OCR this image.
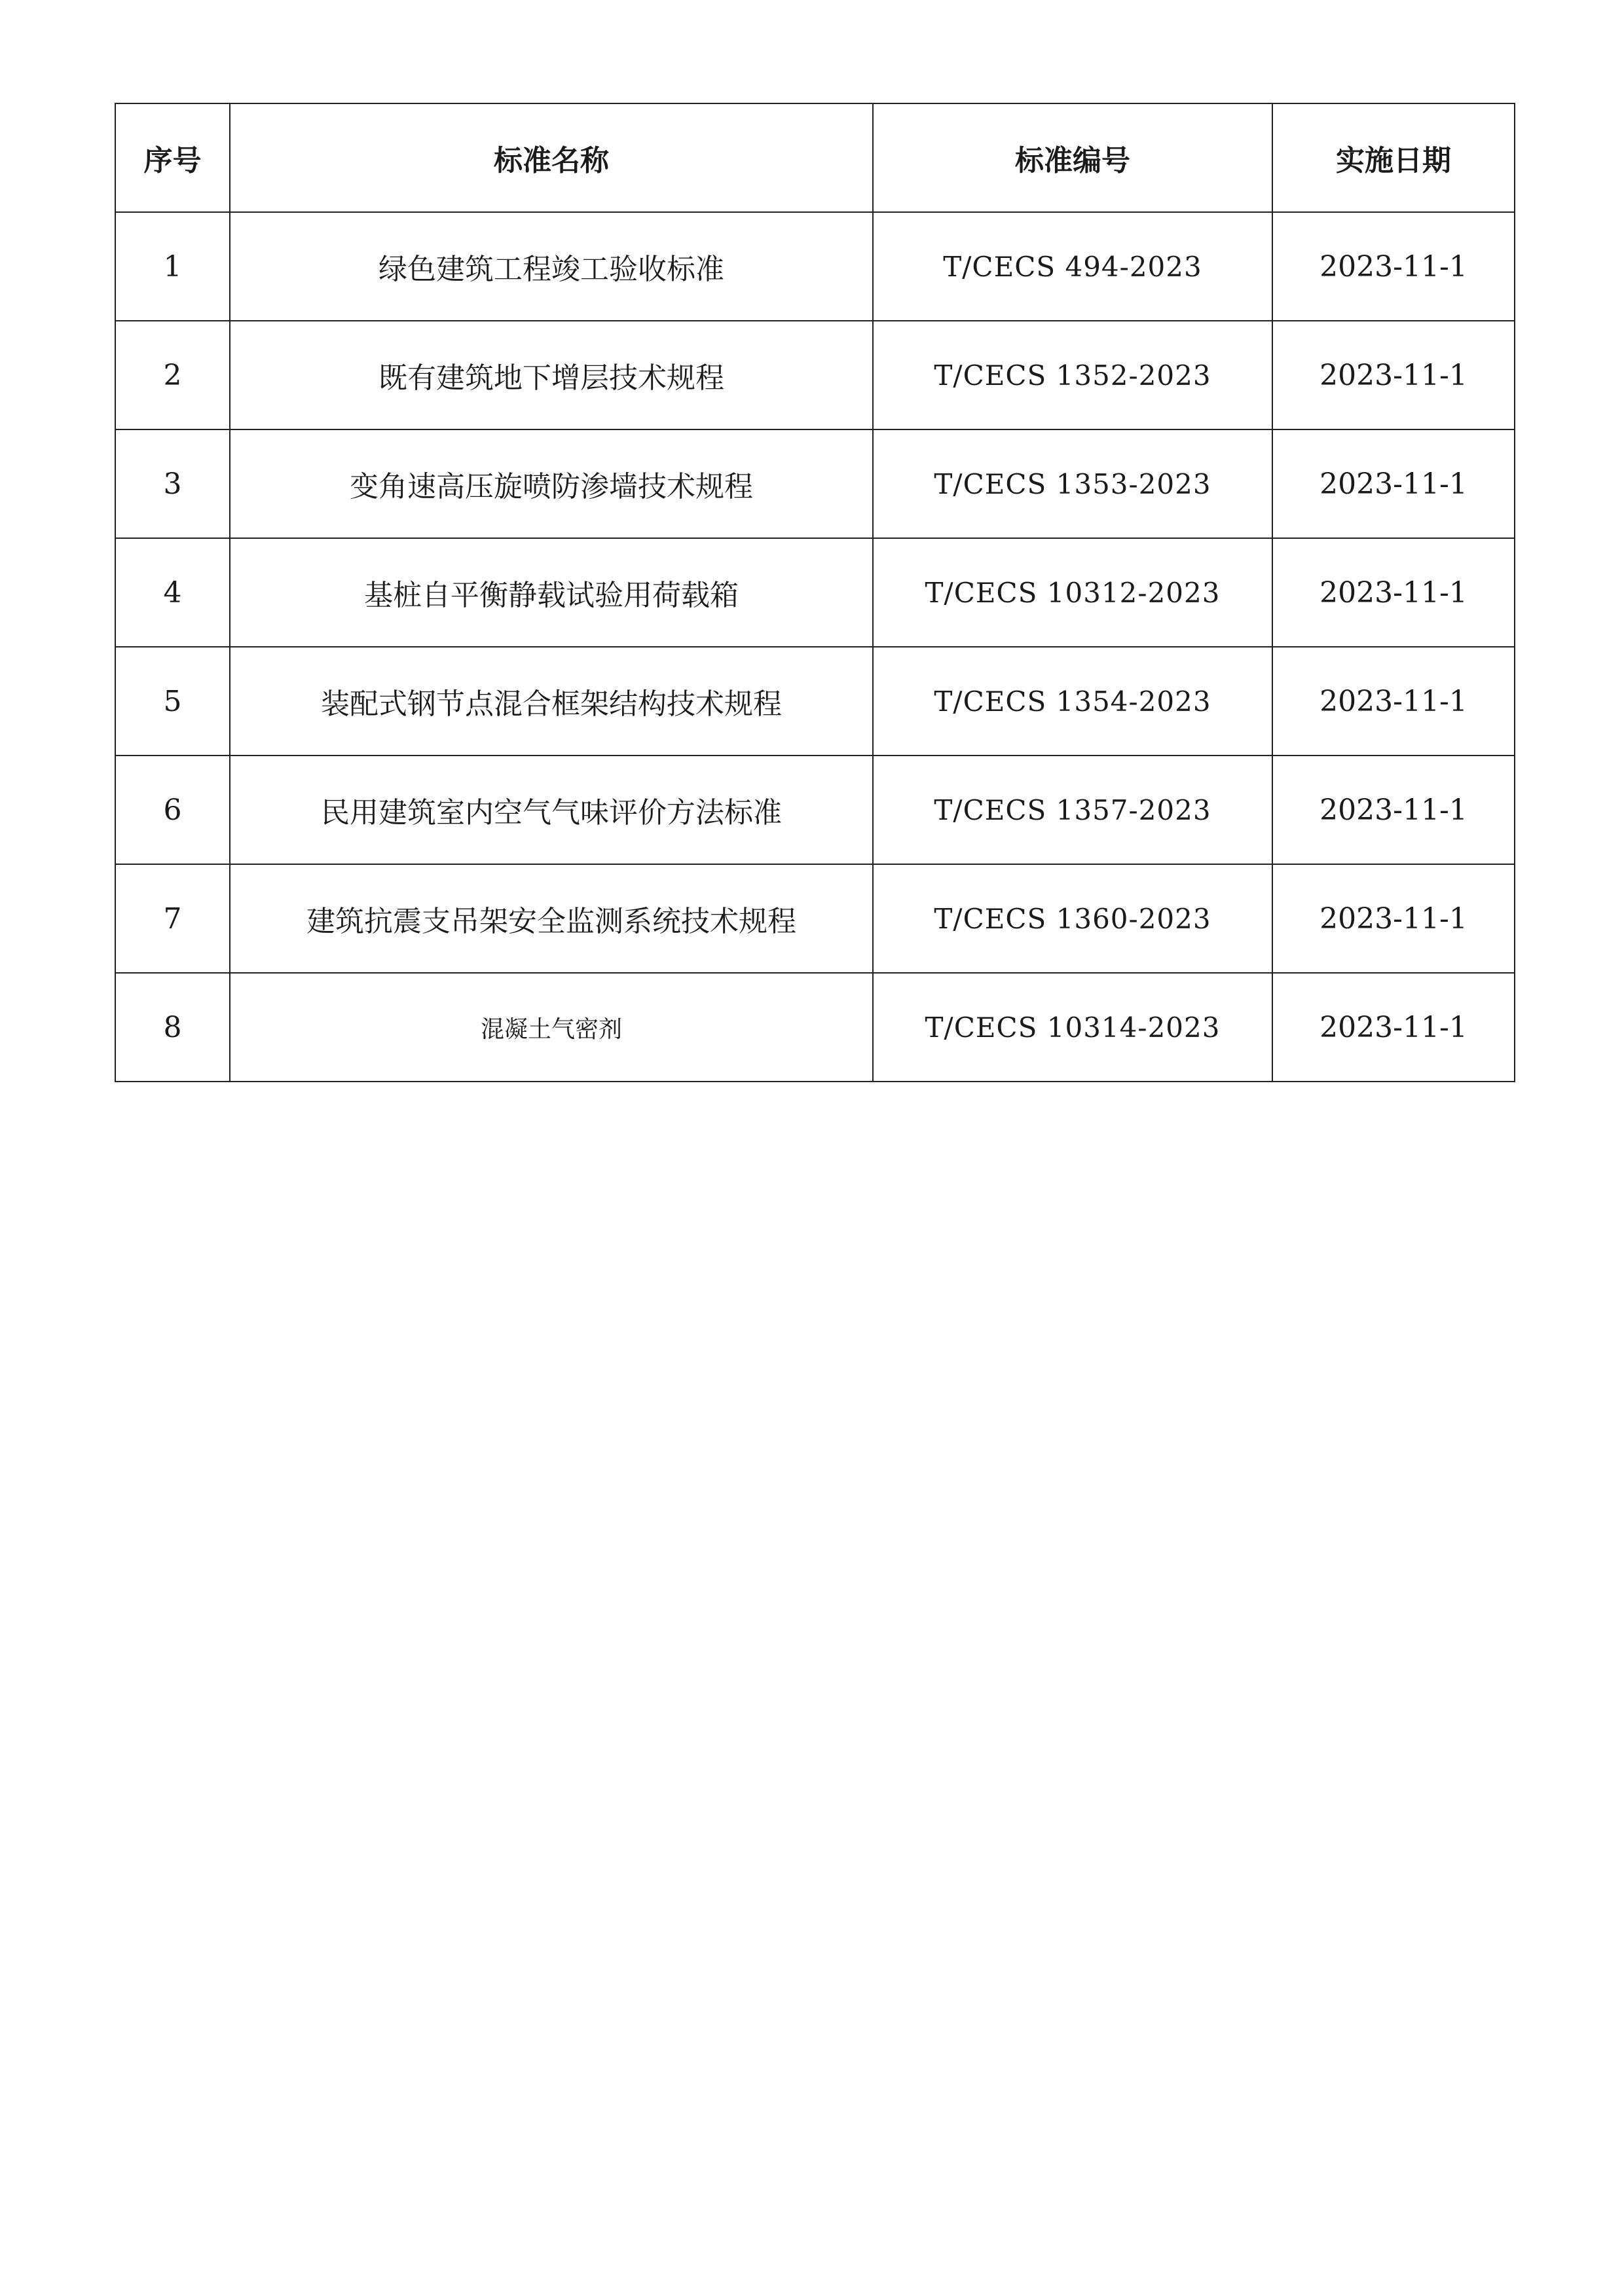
序号	标准名称	标准编号	实施日期
1	绿色建筑工程竣工验收标准	T/CECS 494-2023	2023-11-1
2	既有建筑地下增层技术规程	T/CECS 1352-2023	2023-11-1
3	变角速高压旋喷防渗墙技术规程	T/CECS 1353-2023	2023-11-1
4	基桩自平衡静载试验用荷载箱	T/CECS 10312-2023	2023-11-1
5	装配式钢节点混合框架结构技术规程	T/CECS 1354-2023	2023-11-1
6	民用建筑室内空气气味评价方法标准	T/CECS 1357-2023	2023-11-1
7	建筑抗震支吊架安全监测系统技术规程	T/CECS 1360-2023	2023-11-1
8	混凝土气密剂	T/CECS 10314-2023	2023-11-1
